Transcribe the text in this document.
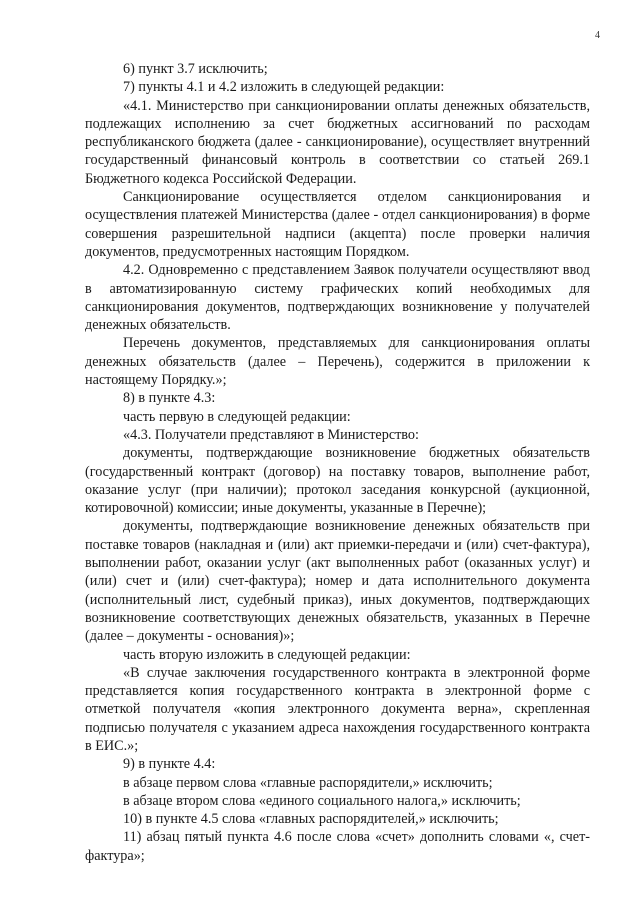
4

6) пункт 3.7 исключить;

7) пункты 4.1 и 4.2 изложить в следующей редакции:

«4.1. Министерство при санкционировании оплаты денежных обязательств, подлежащих исполнению за счет бюджетных ассигнований по расходам республиканского бюджета (далее - санкционирование), осуществляет внутренний государственный финансовый контроль в соответствии со статьей 269.1 Бюджетного кодекса Российской Федерации.

Санкционирование осуществляется отделом санкционирования и осуществления платежей Министерства (далее - отдел санкционирования) в форме совершения разрешительной надписи (акцепта) после проверки наличия документов, предусмотренных настоящим Порядком.

4.2. Одновременно с представлением Заявок получатели осуществляют ввод в автоматизированную систему графических копий необходимых для санкционирования документов, подтверждающих возникновение у получателей денежных обязательств.

Перечень документов, представляемых для санкционирования оплаты денежных обязательств (далее – Перечень), содержится в приложении к настоящему Порядку.»;

8) в пункте 4.3:

часть первую в следующей редакции:

«4.3. Получатели представляют в Министерство:

документы, подтверждающие возникновение бюджетных обязательств (государственный контракт (договор) на поставку товаров, выполнение работ, оказание услуг (при наличии); протокол заседания конкурсной (аукционной, котировочной) комиссии; иные документы, указанные в Перечне);

документы, подтверждающие возникновение денежных обязательств при поставке товаров (накладная и (или) акт приемки-передачи и (или) счет-фактура), выполнении работ, оказании услуг (акт выполненных работ (оказанных услуг) и (или) счет и (или) счет-фактура); номер и дата исполнительного документа (исполнительный лист, судебный приказ), иных документов, подтверждающих возникновение соответствующих денежных обязательств, указанных в Перечне (далее – документы - основания)»;

часть вторую изложить в следующей редакции:

«В случае заключения государственного контракта в электронной форме представляется копия государственного контракта в электронной форме с отметкой получателя «копия электронного документа верна», скрепленная подписью получателя с указанием адреса нахождения государственного контракта в ЕИС.»;

9) в пункте 4.4:

в абзаце первом слова «главные распорядители,» исключить;

в абзаце втором слова «единого социального налога,» исключить;

10) в пункте 4.5 слова «главных распорядителей,» исключить;

11) абзац пятый пункта 4.6 после слова «счет» дополнить словами «, счет-фактура»;
